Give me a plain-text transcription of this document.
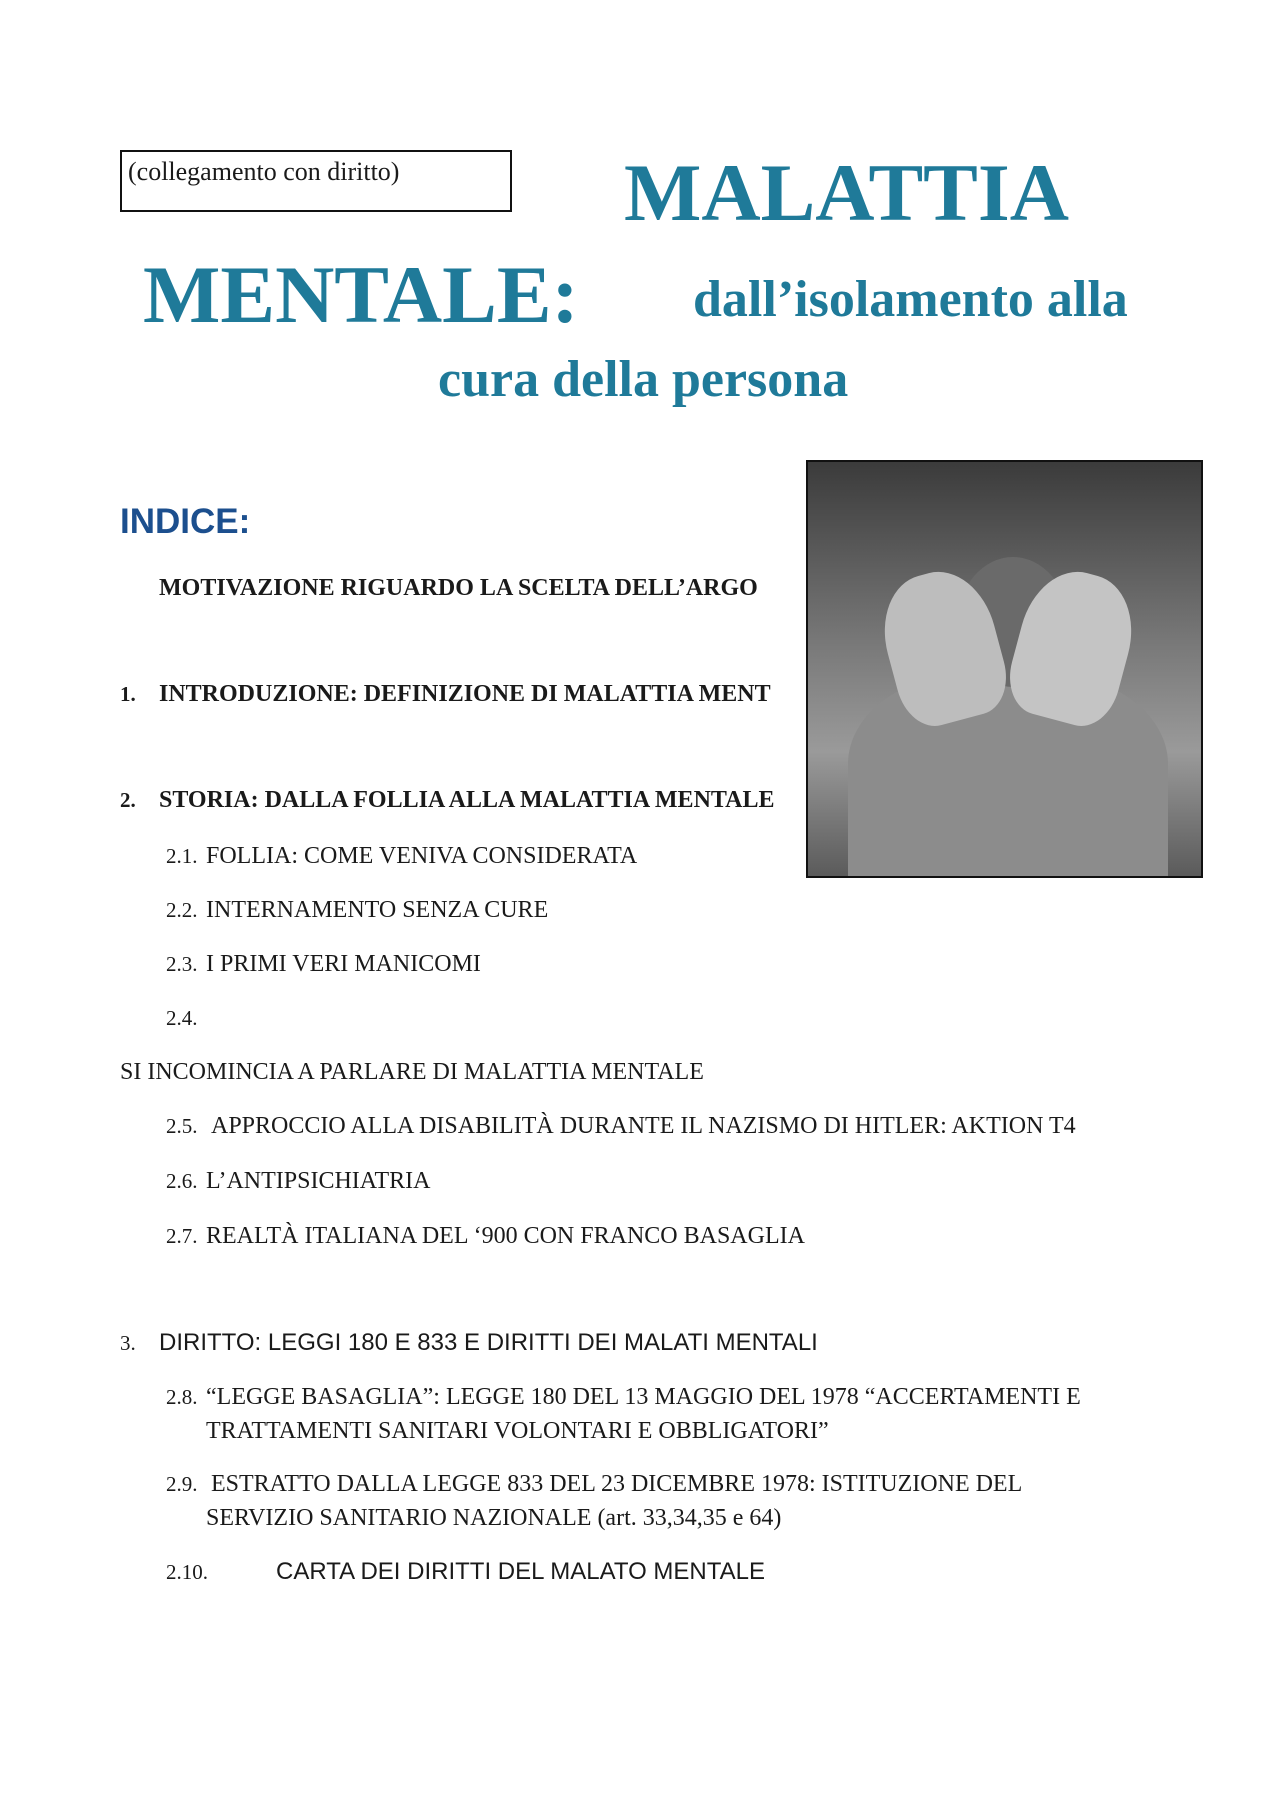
(collegamento con diritto)	MALATTIA
MENTALE: dall’isolamento alla
cura della persona
INDICE:
MOTIVAZIONE RIGUARDO LA SCELTA DELL’ARGO
1. INTRODUZIONE: DEFINIZIONE DI MALATTIA MENT
2. STORIA: DALLA FOLLIA ALLA MALATTIA MENTALE
2.1. FOLLIA: COME VENIVA CONSIDERATA
2.2. INTERNAMENTO SENZA CURE
2.3. I PRIMI VERI MANICOMI
2.4.
SI INCOMINCIA A PARLARE DI MALATTIA MENTALE
2.5. APPROCCIO ALLA DISABILITÀ DURANTE IL NAZISMO DI HITLER: AKTION T4
2.6. L’ANTIPSICHIATRIA
2.7. REALTÀ ITALIANA DEL ‘900 CON FRANCO BASAGLIA
3. DIRITTO: LEGGI 180 E 833 E DIRITTI DEI MALATI MENTALI
2.8. “LEGGE BASAGLIA”: LEGGE 180 DEL 13 MAGGIO DEL 1978 “ACCERTAMENTI E
TRATTAMENTI SANITARI VOLONTARI E OBBLIGATORI”
2.9. ESTRATTO DALLA LEGGE 833 DEL 23 DICEMBRE 1978: ISTITUZIONE DEL
SERVIZIO SANITARIO NAZIONALE (art. 33,34,35 e 64)
2.10.	CARTA DEI DIRITTI DEL MALATO MENTALE
